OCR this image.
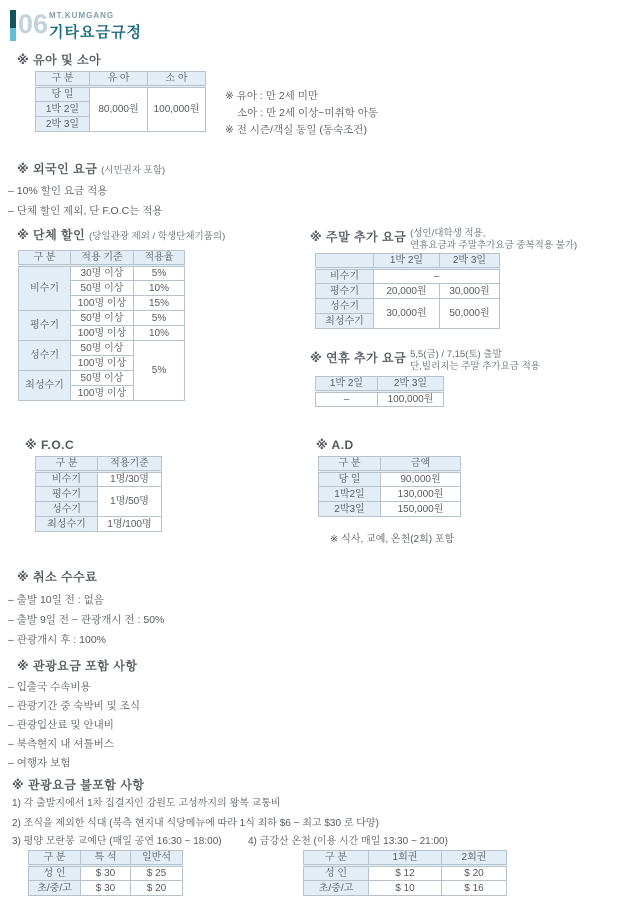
06 MT.KUMGANG
기타요금규정
※ 유아 및 소아
구 분	유 아	소 아
당 일	80,000원	100,000원
1박 2일		
2박 3일		
※ 유아 : 만 2세 미만
소아 : 만 2세 이상~미취학 아동
※ 전 시즌/객실 동일 (동숙조건)
※ 외국인 요금 (시민권자 포함)
– 10% 할인 요금 적용
– 단체 할인 제외, 단 F.O.C는 적용
※ 단체 할인 (당일관광 제외 / 학생단체기품의)
구 분	적용 기준	적용율
비수기	30명 이상	5%
	50명 이상	10%
	100명 이상	15%
평수기	50명 이상	5%
	100명 이상	10%
성수기	50명 이상	5%
	100명 이상	
최성수기	50명 이상	
	100명 이상	
※ 주말 추가 요금 (성인/대학생 적용,
연휴요금과 주말추가요금 중복적용 불가)
	1박 2일	2박 3일
비수기	–	
평수기	20,000원	30,000원
성수기	30,000원	50,000원
최성수기		
※ 연휴 추가 요금 5,5(금) / 7,15(토) 출발
단,빌리지는 주말 추가요금 적용
1박 2일	2박 3일
–	100,000원
※ F.O.C
구 분	적용기준
비수기	1명/30명
평수기	1명/50명
성수기	
최성수기	1명/100명
※ A.D
구 분	금액
당 일	90,000원
1박2일	130,000원
2박3일	150,000원
※ 식사, 교예, 온천(2회) 포함
※ 취소 수수료
– 출발 10일 전 : 없음
– 출발 9일 전 ~ 관광개시 전 : 50%
– 관광개시 후 : 100%
※ 관광요금 포함 사항
– 입출국 수속비용
– 관광기간 중 숙박비 및 조식
– 관광입산료 및 안내비
– 북측현지 내 셔틀버스
– 여행자 보험
※ 관광요금 불포함 사항
1) 각 출발지에서 1차 집결지인 강원도 고성까지의 왕복 교통비
2) 조식을 제외한 식대 (북측 현지내 식당메뉴에 따라 1식 최하 $6 ~ 최고 $30 로 다양)
3) 평양 모란봉 교예단 (매일 공연 16:30 ~ 18:00)	4) 금강산 온천 (이용 시간 매일 13:30 ~ 21:00)
구 분	특 석	일반석
성 인	$ 30	$ 25
초/중/고	$ 30	$ 20
구 분	1회권	2회권
성 인	$ 12	$ 20
초/중/고	$ 10	$ 16
